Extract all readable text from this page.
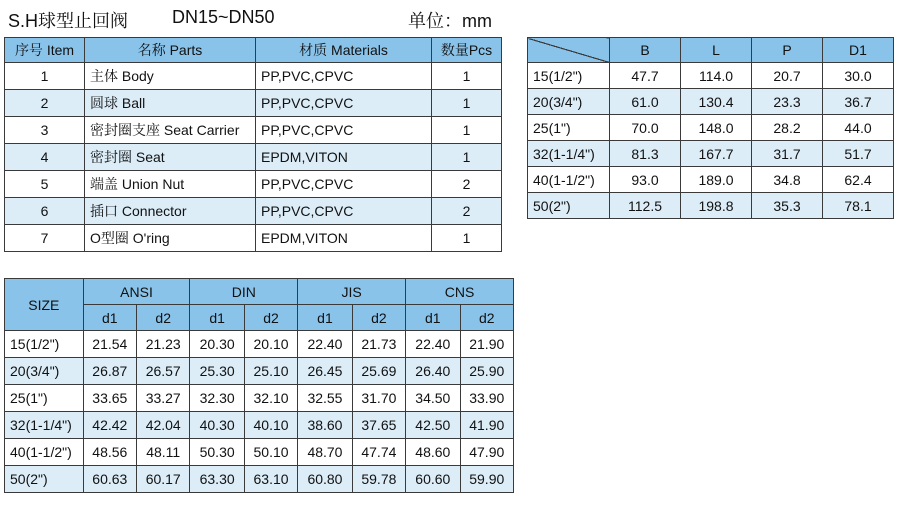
S.H球型止回阀 DN15~DN50	单位：mm
序号 Item	名称 Parts	材质 Materials	数量Pcs
1	主体 Body	PP,PVC,CPVC	1
2	圆球 Ball	PP,PVC,CPVC	1
3	密封圈支座 Seat Carrier	PP,PVC,CPVC	1
4	密封圈 Seat	EPDM,VITON	1
5	端盖 Union Nut	PP,PVC,CPVC	2
6	插口 Connector	PP,PVC,CPVC	2
7	O型圈 O'ring	EPDM,VITON	1
	B	L	P	D1
15(1/2")	47.7	114.0	20.7	30.0
20(3/4")	61.0	130.4	23.3	36.7
25(1")	70.0	148.0	28.2	44.0
32(1-1/4")	81.3	167.7	31.7	51.7
40(1-1/2")	93.0	189.0	34.8	62.4
50(2")	112.5	198.8	35.3	78.1
SIZE	ANSI		DIN		JIS		CNS	
	d1	d2	d1	d2	d1	d2	d1	d2
15(1/2")	21.54	21.23	20.30	20.10	22.40	21.73	22.40	21.90
20(3/4")	26.87	26.57	25.30	25.10	26.45	25.69	26.40	25.90
25(1")	33.65	33.27	32.30	32.10	32.55	31.70	34.50	33.90
32(1-1/4")	42.42	42.04	40.30	40.10	38.60	37.65	42.50	41.90
40(1-1/2")	48.56	48.11	50.30	50.10	48.70	47.74	48.60	47.90
50(2")	60.63	60.17	63.30	63.10	60.80	59.78	60.60	59.90
